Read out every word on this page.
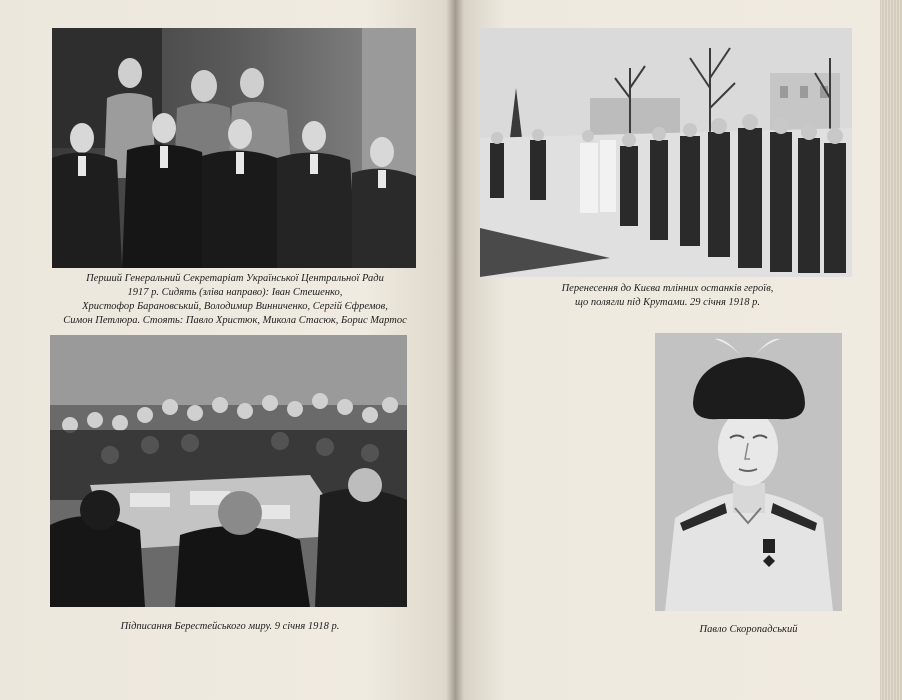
Перший Генеральний Секретаріат Української Центральної Ради
1917 р. Сидять (зліва направо): Іван Стешенко,
Христофор Барановський, Володимир Винниченко, Сергій Єфремов,
Симон Петлюра. Стоять: Павло Христюк, Микола Стасюк, Борис Мартос
Підписання Берестейського миру. 9 січня 1918 р.
Перенесення до Києва тлінних останків героїв,
що полягли під Крутами. 29 січня 1918 р.
Павло Скоропадський
